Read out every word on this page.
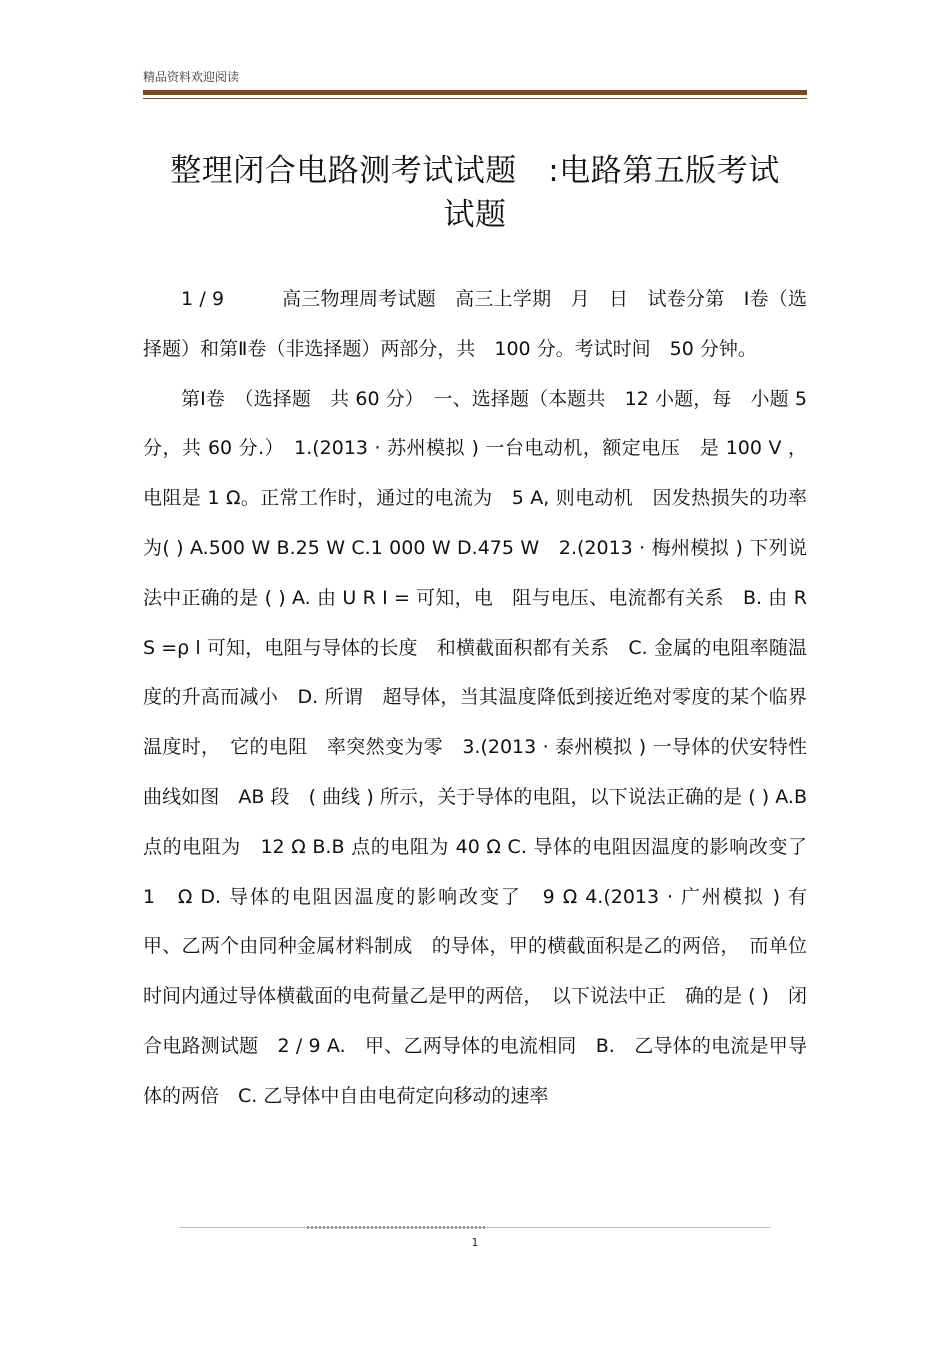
精品资料欢迎阅读
整理闭合电路测考试试题　:电路第五版考试
试题

1 / 9　　　高三物理周考试题　高三上学期　月　日　试卷分第　Ⅰ卷（选择题）和第Ⅱ卷（非选择题）两部分，共　100 分。考试时间　50 分钟。

第Ⅰ卷　（选择题　共 60 分）　一、选择题（本题共　12 小题，每　小题 5 分，共 60 分.）　1.(2013 · 苏州模拟 ) 一台电动机，额定电压　是 100 V ，电阻是 1 Ω。正常工作时，通过的电流为　5 A, 则电动机　因发热损失的功率为( ) A.500 W B.25 W C.1 000 W D.475 W　2.(2013 · 梅州模拟 ) 下列说法中正确的是 ( ) A. 由 U R I = 可知，电　阻与电压、电流都有关系　B. 由 R S =ρ l 可知，电阻与导体的长度　和横截面积都有关系　C. 金属的电阻率随温度的升高而减小　D. 所谓　超导体，当其温度降低到接近绝对零度的某个临界温度时，　它的电阻　率突然变为零　3.(2013 · 泰州模拟 ) 一导体的伏安特性曲线如图　AB 段　( 曲线 ) 所示，关于导体的电阻，以下说法正确的是 ( ) A.B 点的电阻为　12 Ω B.B 点的电阻为 40 Ω C. 导体的电阻因温度的影响改变了　1　Ω D. 导体的电阻因温度的影响改变了　9 Ω 4.(2013 · 广州模拟 ) 有　甲、乙两个由同种金属材料制成　的导体，甲的横截面积是乙的两倍，　而单位时间内通过导体横截面的电荷量乙是甲的两倍，　以下说法中正　确的是 ( )　闭合电路测试题　2 / 9 A.　甲、乙两导体的电流相同　B.　乙导体的电流是甲导体的两倍　C. 乙导体中自由电荷定向移动的速率

1
